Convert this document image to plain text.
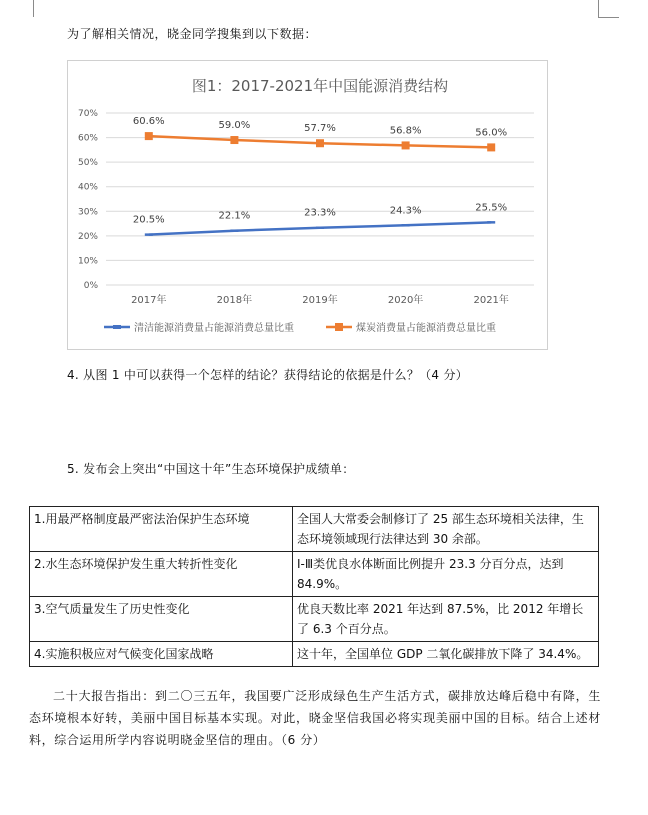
为了解相关情况，晓金同学搜集到以下数据：
图1：2017-2021年中国能源消费结构
0%
10%
20%
30%
40%
50%
60%
70%
2017年	2018年	2019年	2020年	2021年
20.5%	22.1%	23.3%	24.3%	25.5%
60.6%	59.0%	57.7%	56.8%	56.0%
清洁能源消费量占能源消费总量比重	煤炭消费量占能源消费总量比重
4. 从图 1 中可以获得一个怎样的结论？获得结论的依据是什么？（4 分）
5. 发布会上突出“中国这十年”生态环境保护成绩单：
1.用最严格制度最严密法治保护生态环境	全国人大常委会制修订了 25 部生态环境相关法律，生态环境领域现行法律达到 30 余部。
2.水生态环境保护发生重大转折性变化	Ⅰ-Ⅲ类优良水体断面比例提升 23.3 分百分点，达到 84.9%。
3.空气质量发生了历史性变化	优良天数比率 2021 年达到 87.5%，比 2012 年增长了 6.3 个百分点。
4.实施积极应对气候变化国家战略	这十年，全国单位 GDP 二氧化碳排放下降了 34.4%。
二十大报告指出：到二〇三五年，我国要广泛形成绿色生产生活方式，碳排放达峰后稳中有降，生态环境根本好转，美丽中国目标基本实现。对此，晓金坚信我国必将实现美丽中国的目标。结合上述材料，综合运用所学内容说明晓金坚信的理由。（6 分）
